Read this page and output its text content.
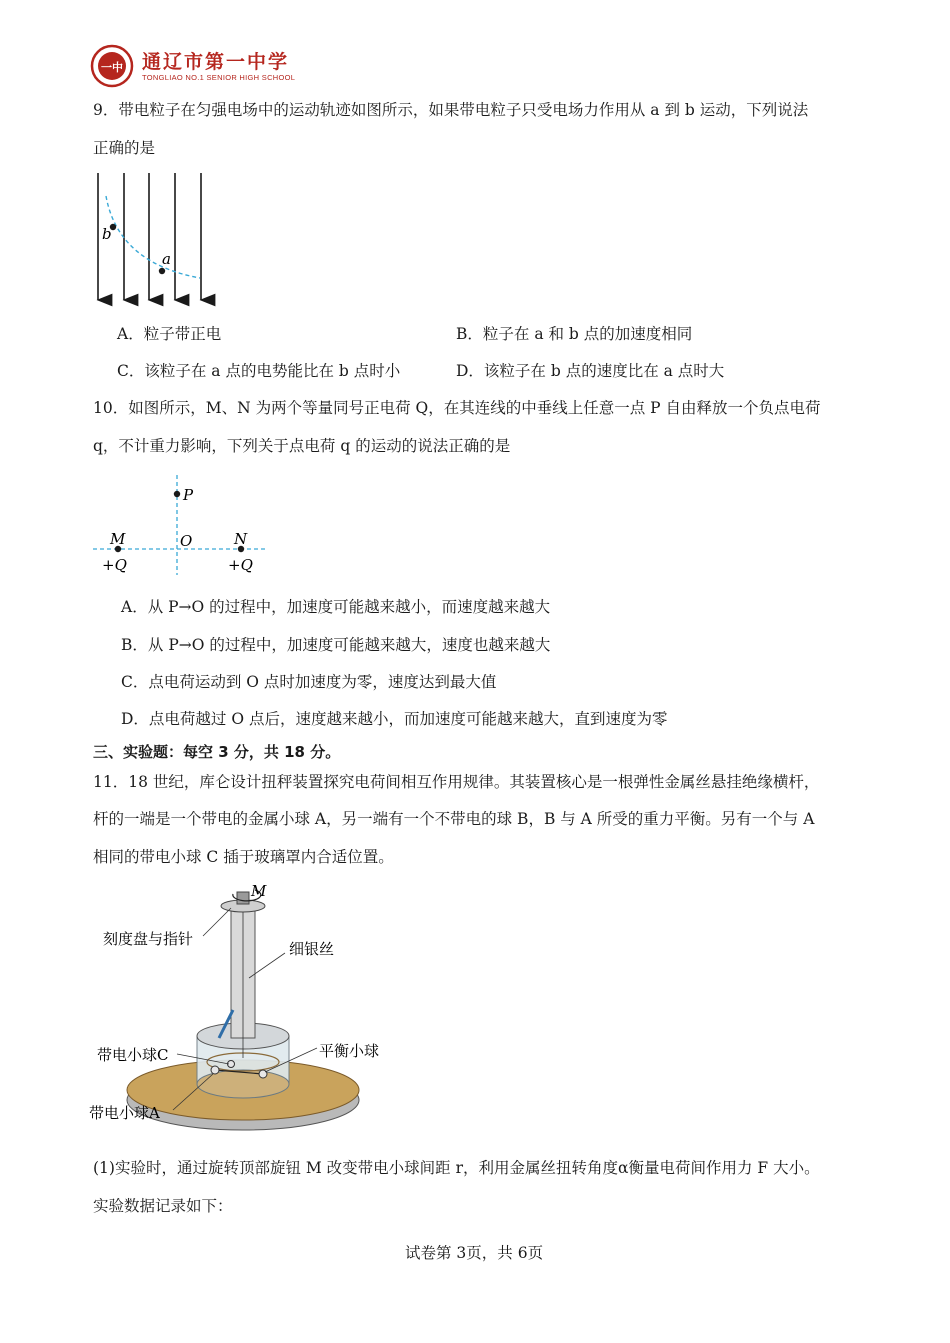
一中 通辽市第一中学
TONGLIAO NO.1 SENIOR HIGH SCHOOL
9．带电粒子在匀强电场中的运动轨迹如图所示，如果带电粒子只受电场力作用从 a 到 b 运动，下列说法
正确的是
b
a
A．粒子带正电	B．粒子在 a 和 b 点的加速度相同
C．该粒子在 a 点的电势能比在 b 点时小	D．该粒子在 b 点的速度比在 a 点时大
10．如图所示，M、N 为两个等量同号正电荷 Q，在其连线的中垂线上任意一点 P 自由释放一个负点电荷
q，不计重力影响，下列关于点电荷 q 的运动的说法正确的是
P
M	O	N
+Q	+Q
A．从 P→O 的过程中，加速度可能越来越小，而速度越来越大
B．从 P→O 的过程中，加速度可能越来越大，速度也越来越大
C．点电荷运动到 O 点时加速度为零，速度达到最大值
D．点电荷越过 O 点后，速度越来越小，而加速度可能越来越大，直到速度为零
三、实验题：每空 3 分，共 18 分。
11．18 世纪，库仑设计扭秤装置探究电荷间相互作用规律。其装置核心是一根弹性金属丝悬挂绝缘横杆，
杆的一端是一个带电的金属小球 A，另一端有一个不带电的球 B，B 与 A 所受的重力平衡。另有一个与 A
相同的带电小球 C 插于玻璃罩内合适位置。
M
刻度盘与指针
细银丝
带电小球C	平衡小球
带电小球A
(1)实验时，通过旋转顶部旋钮 M 改变带电小球间距 r，利用金属丝扭转角度α衡量电荷间作用力 F 大小。
实验数据记录如下：
试卷第 3页，共 6页
